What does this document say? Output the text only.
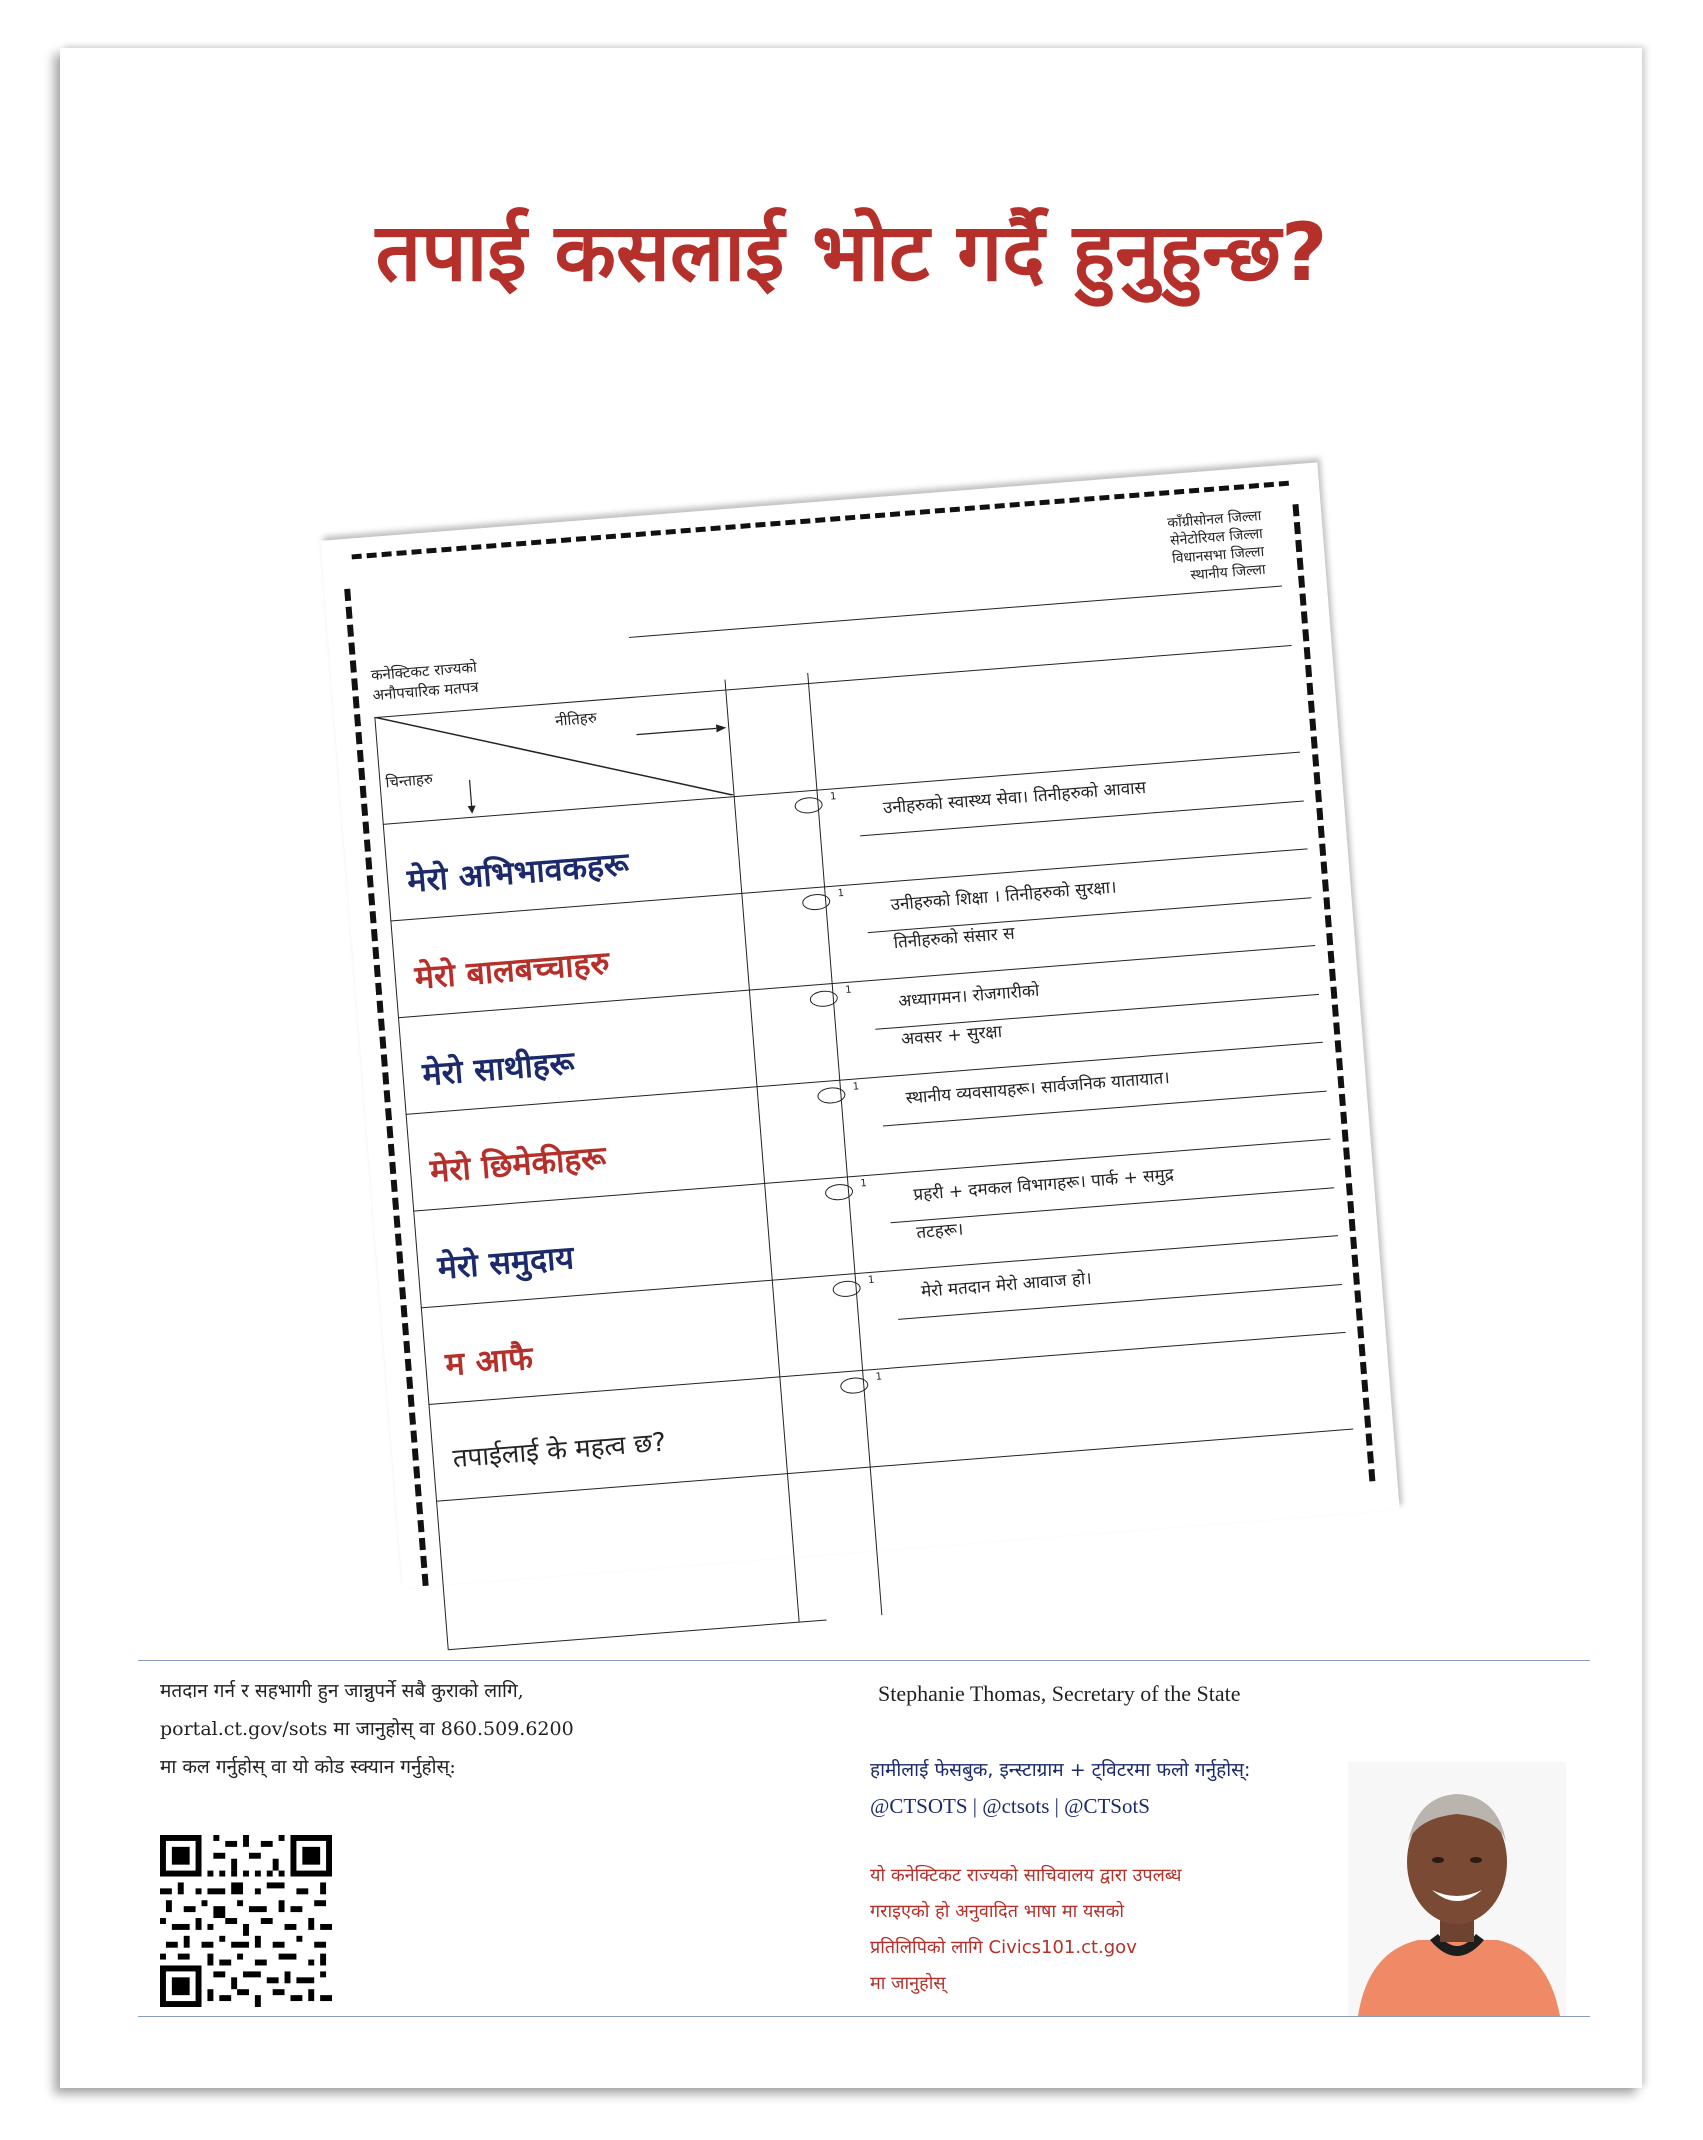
तपाई कसलाई भोट गर्दै हुनुहुन्छ?
काँग्रीसोनल जिल्ला
सेनेटोरियल जिल्ला
विधानसभा जिल्ला
स्थानीय जिल्ला
कनेक्टिकट राज्यको
अनौपचारिक मतपत्र
नीतिहरु
चिन्ताहरु
1
मेरो अभिभावकहरू
उनीहरुको स्वास्थ्य सेवा। तिनीहरुको आवास
1
मेरो बालबच्चाहरु
उनीहरुको शिक्षा । तिनीहरुको सुरक्षा।
तिनीहरुको संसार स
1
मेरो साथीहरू
अध्यागमन। रोजगारीको
अवसर + सुरक्षा
1
मेरो छिमेकीहरू
स्थानीय व्यवसायहरू। सार्वजनिक यातायात।
1
मेरो समुदाय
प्रहरी + दमकल विभागहरू। पार्क + समुद्र
तटहरू।
1
म आफै
मेरो मतदान मेरो आवाज हो।
1
तपाईलाई के महत्व छ?
मतदान गर्न र सहभागी हुन जान्नुपर्ने सबै कुराको लागि,
portal.ct.gov/sots मा जानुहोस् वा 860.509.6200
मा कल गर्नुहोस् वा यो कोड स्क्यान गर्नुहोस्:
Stephanie Thomas, Secretary of the State
हामीलाई फेसबुक, इन्स्टाग्राम + ट्विटरमा फलो गर्नुहोस्:
@CTSOTS | @ctsots | @CTSotS
यो कनेक्टिकट राज्यको साचिवालय द्वारा उपलब्ध
गराइएको हो अनुवादित भाषा मा यसको
प्रतिलिपिको लागि Civics101.ct.gov
मा जानुहोस्
